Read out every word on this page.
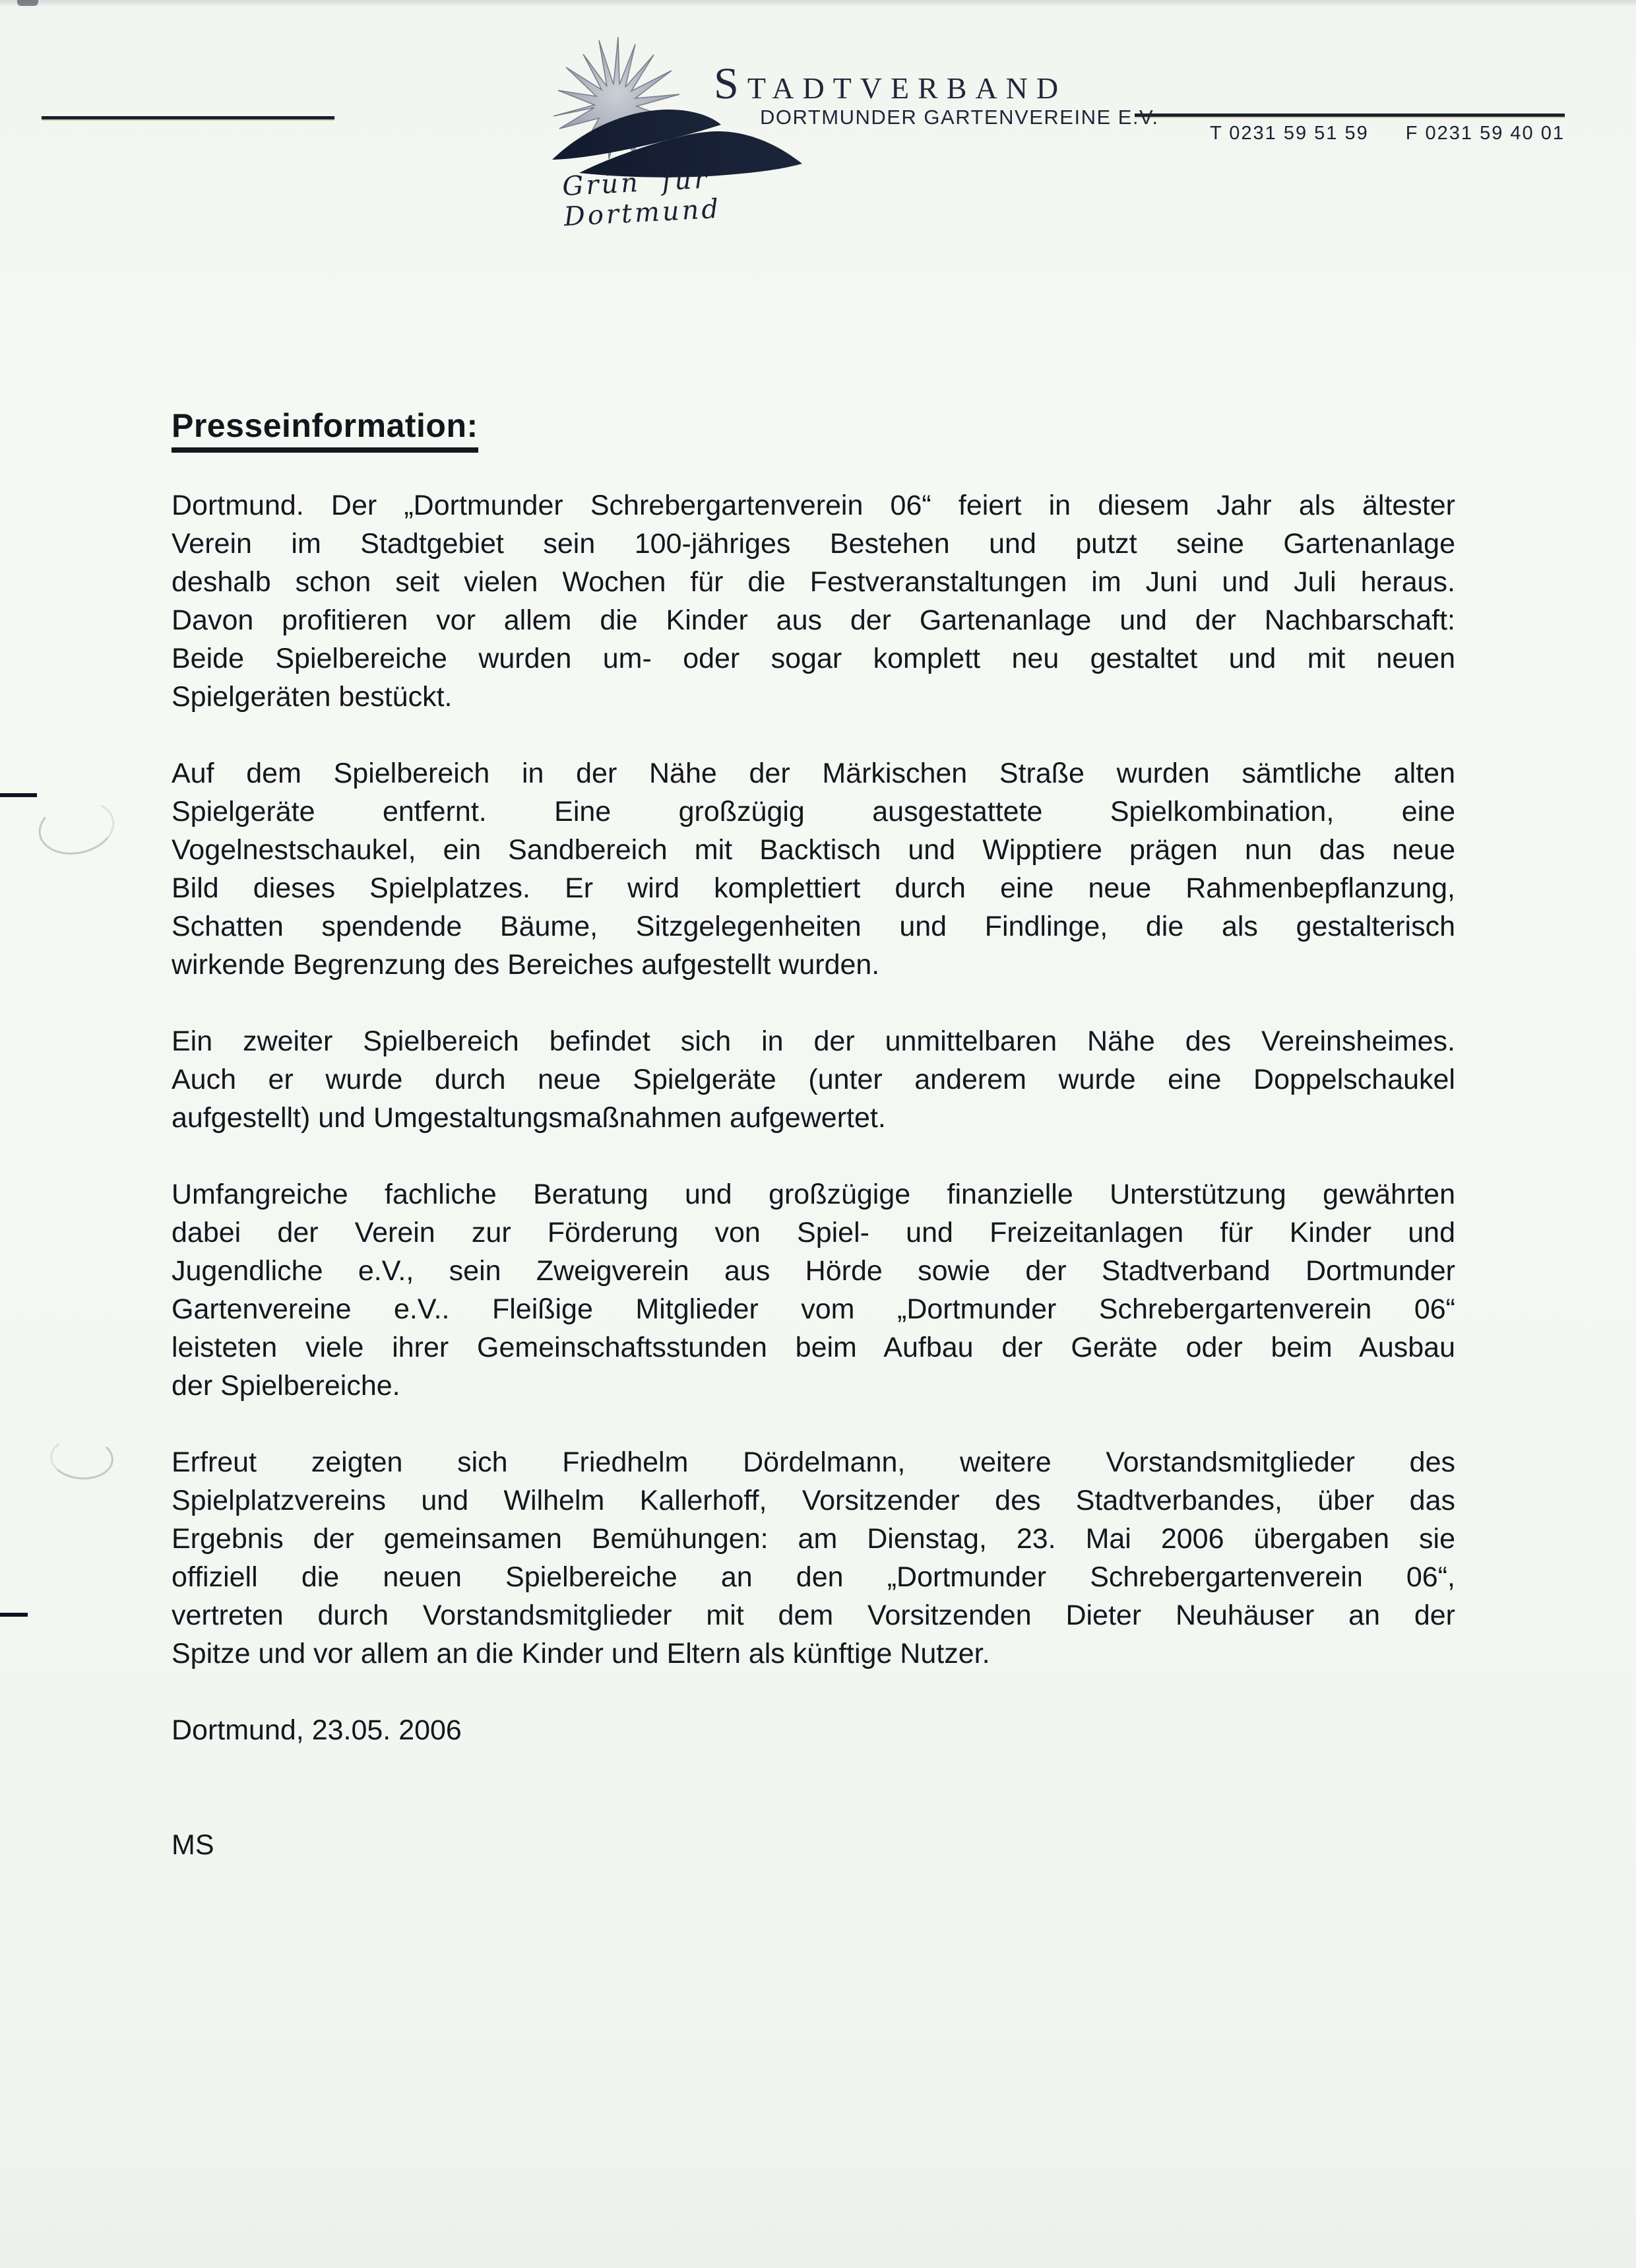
Grün für Dortmund
STADTVERBAND
DORTMUNDER GARTENVEREINE E.V.
T 0231 59 51 59 F 0231 59 40 01
Presseinformation:
Dortmund. Der „Dortmunder Schrebergartenverein 06“ feiert in diesem Jahr als ältester
Verein im Stadtgebiet sein 100-jähriges Bestehen und putzt seine Gartenanlage
deshalb schon seit vielen Wochen für die Festveranstaltungen im Juni und Juli heraus.
Davon profitieren vor allem die Kinder aus der Gartenanlage und der Nachbarschaft:
Beide Spielbereiche wurden um- oder sogar komplett neu gestaltet und mit neuen
Spielgeräten bestückt.
Auf dem Spielbereich in der Nähe der Märkischen Straße wurden sämtliche alten
Spielgeräte entfernt. Eine großzügig ausgestattete Spielkombination, eine
Vogelnestschaukel, ein Sandbereich mit Backtisch und Wipptiere prägen nun das neue
Bild dieses Spielplatzes. Er wird komplettiert durch eine neue Rahmenbepflanzung,
Schatten spendende Bäume, Sitzgelegenheiten und Findlinge, die als gestalterisch
wirkende Begrenzung des Bereiches aufgestellt wurden.
Ein zweiter Spielbereich befindet sich in der unmittelbaren Nähe des Vereinsheimes.
Auch er wurde durch neue Spielgeräte (unter anderem wurde eine Doppelschaukel
aufgestellt) und Umgestaltungsmaßnahmen aufgewertet.
Umfangreiche fachliche Beratung und großzügige finanzielle Unterstützung gewährten
dabei der Verein zur Förderung von Spiel- und Freizeitanlagen für Kinder und
Jugendliche e.V., sein Zweigverein aus Hörde sowie der Stadtverband Dortmunder
Gartenvereine e.V.. Fleißige Mitglieder vom „Dortmunder Schrebergartenverein 06“
leisteten viele ihrer Gemeinschaftsstunden beim Aufbau der Geräte oder beim Ausbau
der Spielbereiche.
Erfreut zeigten sich Friedhelm Dördelmann, weitere Vorstandsmitglieder des
Spielplatzvereins und Wilhelm Kallerhoff, Vorsitzender des Stadtverbandes, über das
Ergebnis der gemeinsamen Bemühungen: am Dienstag, 23. Mai 2006 übergaben sie
offiziell die neuen Spielbereiche an den „Dortmunder Schrebergartenverein 06“,
vertreten durch Vorstandsmitglieder mit dem Vorsitzenden Dieter Neuhäuser an der
Spitze und vor allem an die Kinder und Eltern als künftige Nutzer.
Dortmund, 23.05. 2006
MS
